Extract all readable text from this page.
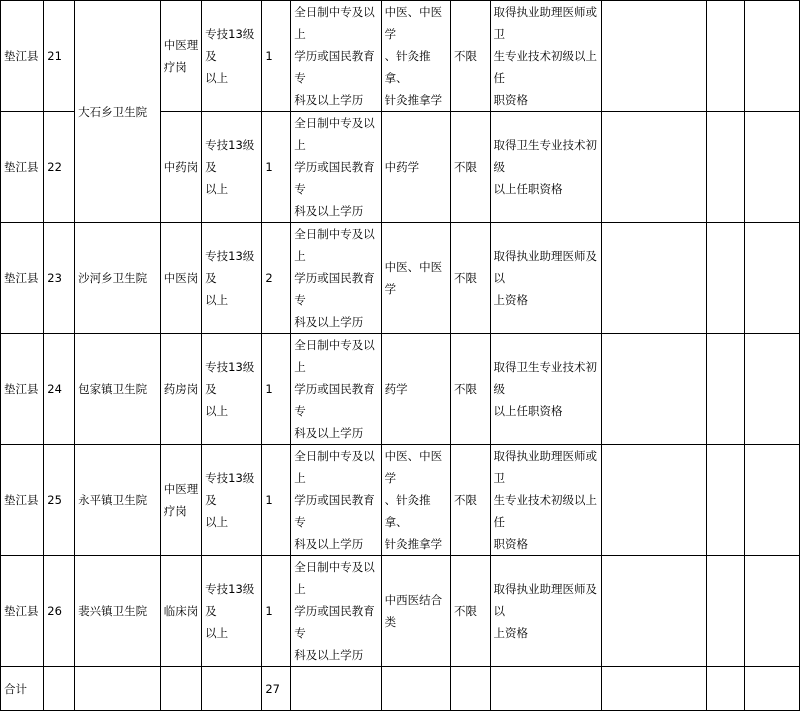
垫江县	21	大石乡卫生院	中医理
疗岗	专技13级及
以上	1	全日制中专及以上
学历或国民教育专
科及以上学历	中医、中医学
、针灸推拿、
针灸推拿学	不限	取得执业助理医师或卫
生专业技术初级以上任
职资格			

垫江县	22		中药岗	专技13级及
以上	1	全日制中专及以上
学历或国民教育专
科及以上学历	中药学	不限	取得卫生专业技术初级
以上任职资格			

垫江县	23	沙河乡卫生院	中医岗	专技13级及
以上	2	全日制中专及以上
学历或国民教育专
科及以上学历	中医、中医学	不限	取得执业助理医师及以
上资格			

垫江县	24	包家镇卫生院	药房岗	专技13级及
以上	1	全日制中专及以上
学历或国民教育专
科及以上学历	药学	不限	取得卫生专业技术初级
以上任职资格			

垫江县	25	永平镇卫生院	中医理
疗岗	专技13级及
以上	1	全日制中专及以上
学历或国民教育专
科及以上学历	中医、中医学
、针灸推拿、
针灸推拿学	不限	取得执业助理医师或卫
生专业技术初级以上任
职资格			

垫江县	26	裴兴镇卫生院	临床岗	专技13级及
以上	1	全日制中专及以上
学历或国民教育专
科及以上学历	中西医结合类	不限	取得执业助理医师及以
上资格			

合计					27							
